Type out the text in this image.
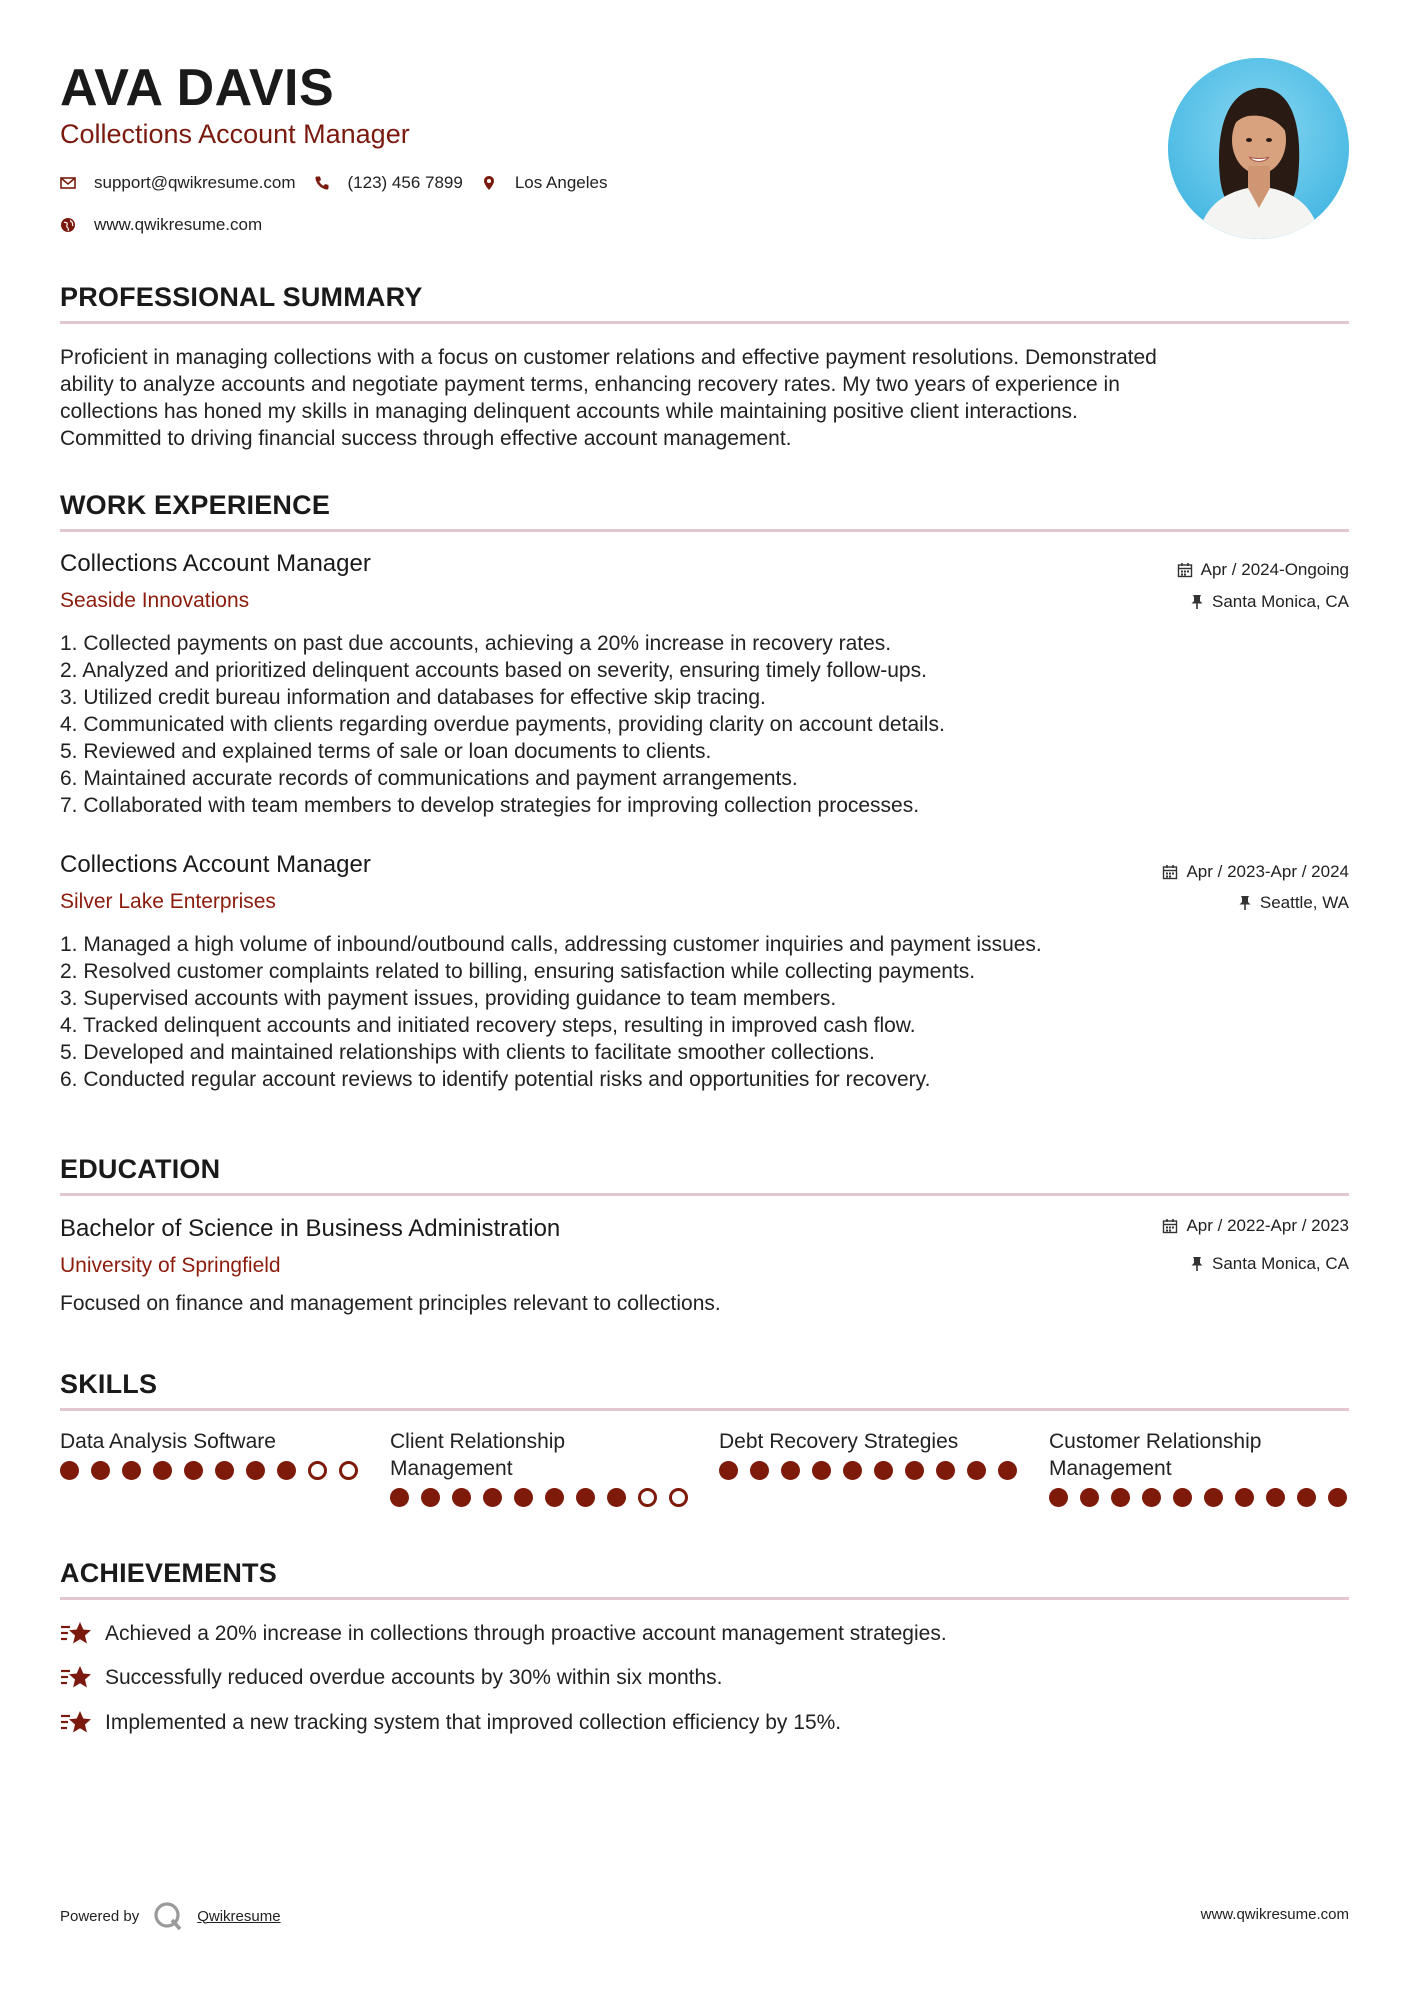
AVA DAVIS
Collections Account Manager
support@qwikresume.com	(123) 456 7899	Los Angeles
www.qwikresume.com
PROFESSIONAL SUMMARY
Proficient in managing collections with a focus on customer relations and effective payment resolutions. Demonstrated
ability to analyze accounts and negotiate payment terms, enhancing recovery rates. My two years of experience in
collections has honed my skills in managing delinquent accounts while maintaining positive client interactions.
Committed to driving financial success through effective account management.
WORK EXPERIENCE
Collections Account Manager
Seaside Innovations
Apr / 2024-Ongoing
Santa Monica, CA
1. Collected payments on past due accounts, achieving a 20% increase in recovery rates.
2. Analyzed and prioritized delinquent accounts based on severity, ensuring timely follow-ups.
3. Utilized credit bureau information and databases for effective skip tracing.
4. Communicated with clients regarding overdue payments, providing clarity on account details.
5. Reviewed and explained terms of sale or loan documents to clients.
6. Maintained accurate records of communications and payment arrangements.
7. Collaborated with team members to develop strategies for improving collection processes.
Collections Account Manager
Silver Lake Enterprises
Apr / 2023-Apr / 2024
Seattle, WA
1. Managed a high volume of inbound/outbound calls, addressing customer inquiries and payment issues.
2. Resolved customer complaints related to billing, ensuring satisfaction while collecting payments.
3. Supervised accounts with payment issues, providing guidance to team members.
4. Tracked delinquent accounts and initiated recovery steps, resulting in improved cash flow.
5. Developed and maintained relationships with clients to facilitate smoother collections.
6. Conducted regular account reviews to identify potential risks and opportunities for recovery.
EDUCATION
Bachelor of Science in Business Administration
University of Springfield
Apr / 2022-Apr / 2023
Santa Monica, CA
Focused on finance and management principles relevant to collections.
SKILLS
Data Analysis Software	Client Relationship
Management
Debt Recovery Strategies	Customer Relationship
Management
ACHIEVEMENTS
Achieved a 20% increase in collections through proactive account management strategies.
Successfully reduced overdue accounts by 30% within six months.
Implemented a new tracking system that improved collection efficiency by 15%.
Powered by	Qwikresume	www.qwikresume.com
